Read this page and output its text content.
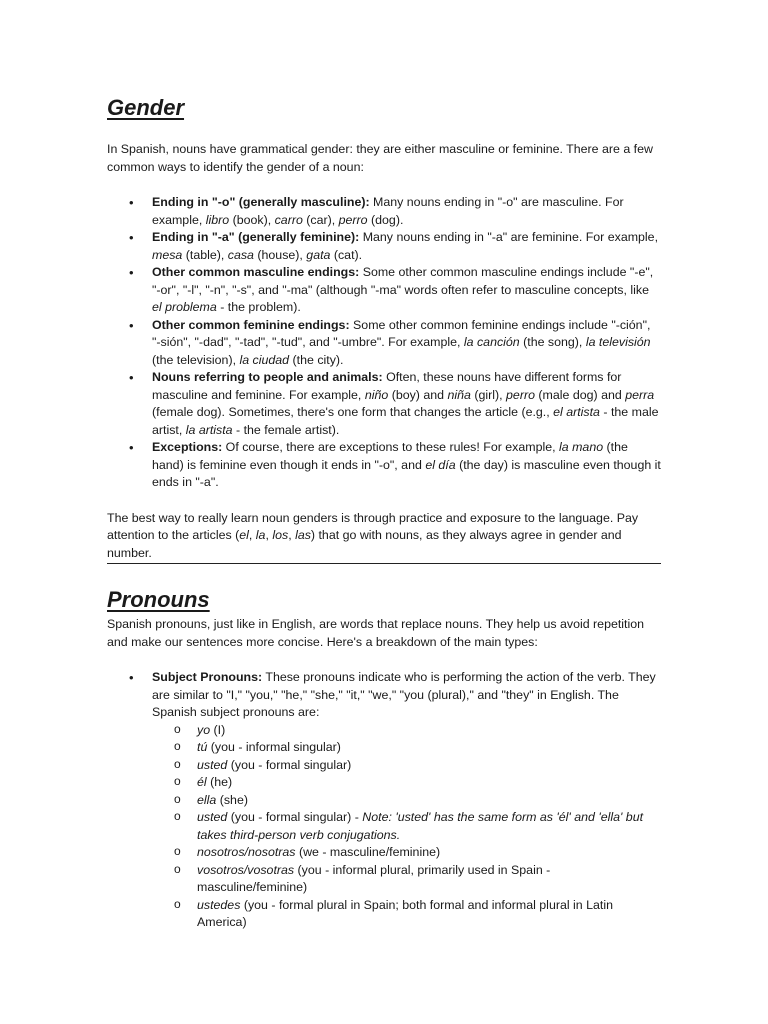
Gender

In Spanish, nouns have grammatical gender: they are either masculine or feminine. There are a few common ways to identify the gender of a noun:

• Ending in "-o" (generally masculine): Many nouns ending in "-o" are masculine. For example, libro (book), carro (car), perro (dog).
• Ending in "-a" (generally feminine): Many nouns ending in "-a" are feminine. For example, mesa (table), casa (house), gata (cat).
• Other common masculine endings: Some other common masculine endings include "-e", "-or", "-l", "-n", "-s", and "-ma" (although "-ma" words often refer to masculine concepts, like el problema - the problem).
• Other common feminine endings: Some other common feminine endings include "-ción", "-sión", "-dad", "-tad", "-tud", and "-umbre". For example, la canción (the song), la televisión (the television), la ciudad (the city).
• Nouns referring to people and animals: Often, these nouns have different forms for masculine and feminine. For example, niño (boy) and niña (girl), perro (male dog) and perra (female dog). Sometimes, there's one form that changes the article (e.g., el artista - the male artist, la artista - the female artist).
• Exceptions: Of course, there are exceptions to these rules! For example, la mano (the hand) is feminine even though it ends in "-o", and el día (the day) is masculine even though it ends in "-a".

The best way to really learn noun genders is through practice and exposure to the language. Pay attention to the articles (el, la, los, las) that go with nouns, as they always agree in gender and number.

Pronouns

Spanish pronouns, just like in English, are words that replace nouns. They help us avoid repetition and make our sentences more concise. Here's a breakdown of the main types:

• Subject Pronouns: These pronouns indicate who is performing the action of the verb. They are similar to "I," "you," "he," "she," "it," "we," "you (plural)," and "they" in English. The Spanish subject pronouns are:
o yo (I)
o tú (you - informal singular)
o usted (you - formal singular)
o él (he)
o ella (she)
o usted (you - formal singular) - Note: 'usted' has the same form as 'él' and 'ella' but takes third-person verb conjugations.
o nosotros/nosotras (we - masculine/feminine)
o vosotros/vosotras (you - informal plural, primarily used in Spain - masculine/feminine)
o ustedes (you - formal plural in Spain; both formal and informal plural in Latin America)
